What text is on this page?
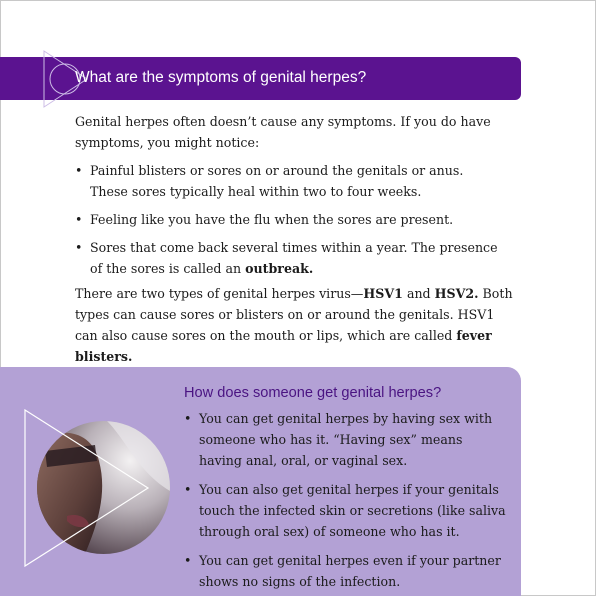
What are the symptoms of genital herpes?

Genital herpes often doesn’t cause any symptoms. If you do have symptoms, you might notice:

• Painful blisters or sores on or around the genitals or anus. These sores typically heal within two to four weeks.
• Feeling like you have the flu when the sores are present.
• Sores that come back several times within a year. The presence of the sores is called an outbreak.

There are two types of genital herpes virus—HSV1 and HSV2. Both types can cause sores or blisters on or around the genitals. HSV1 can also cause sores on the mouth or lips, which are called fever blisters.

How does someone get genital herpes?
• You can get genital herpes by having sex with someone who has it. “Having sex” means having anal, oral, or vaginal sex.
• You can also get genital herpes if your genitals touch the infected skin or secretions (like saliva through oral sex) of someone who has it.
• You can get genital herpes even if your partner shows no signs of the infection.
